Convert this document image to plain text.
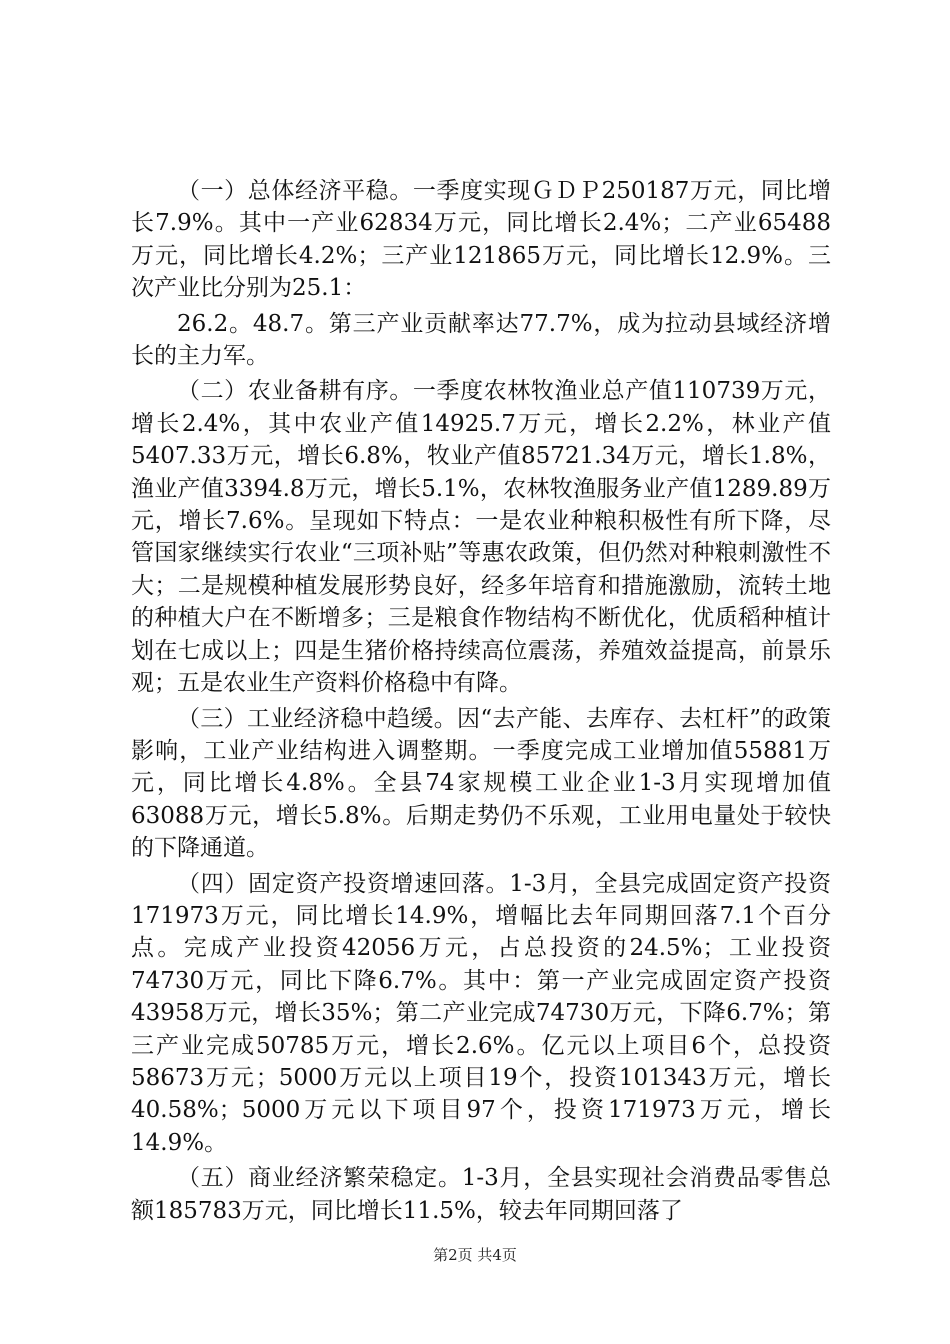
（一）总体经济平稳。一季度实现ＧＤＰ250187万元，同比增长7.9%。其中一产业62834万元，同比增长2.4%；二产业65488万元，同比增长4.2%；三产业121865万元，同比增长12.9%。三次产业比分别为25.1：

26.2。48.7。第三产业贡献率达77.7%，成为拉动县域经济增长的主力军。

（二）农业备耕有序。一季度农林牧渔业总产值110739万元，增长2.4%，其中农业产值14925.7万元，增长2.2%，林业产值5407.33万元，增长6.8%，牧业产值85721.34万元，增长1.8%，渔业产值3394.8万元，增长5.1%，农林牧渔服务业产值1289.89万元，增长7.6%。呈现如下特点：一是农业种粮积极性有所下降，尽管国家继续实行农业“三项补贴”等惠农政策，但仍然对种粮刺激性不大；二是规模种植发展形势良好，经多年培育和措施激励，流转土地的种植大户在不断增多；三是粮食作物结构不断优化，优质稻种植计划在七成以上；四是生猪价格持续高位震荡，养殖效益提高，前景乐观；五是农业生产资料价格稳中有降。

（三）工业经济稳中趋缓。因“去产能、去库存、去杠杆”的政策影响，工业产业结构进入调整期。一季度完成工业增加值55881万元，同比增长4.8%。全县74家规模工业企业1-3月实现增加值63088万元，增长5.8%。后期走势仍不乐观，工业用电量处于较快的下降通道。

（四）固定资产投资增速回落。1-3月，全县完成固定资产投资171973万元，同比增长14.9%，增幅比去年同期回落7.1个百分点。完成产业投资42056万元，占总投资的24.5%；工业投资74730万元，同比下降6.7%。其中：第一产业完成固定资产投资43958万元，增长35%；第二产业完成74730万元，下降6.7%；第三产业完成50785万元，增长2.6%。亿元以上项目6个，总投资58673万元；5000万元以上项目19个，投资101343万元，增长40.58%；5000万元以下项目97个，投资171973万元，增长14.9%。

（五）商业经济繁荣稳定。1-3月，全县实现社会消费品零售总额185783万元，同比增长11.5%，较去年同期回落了

第2页 共4页
